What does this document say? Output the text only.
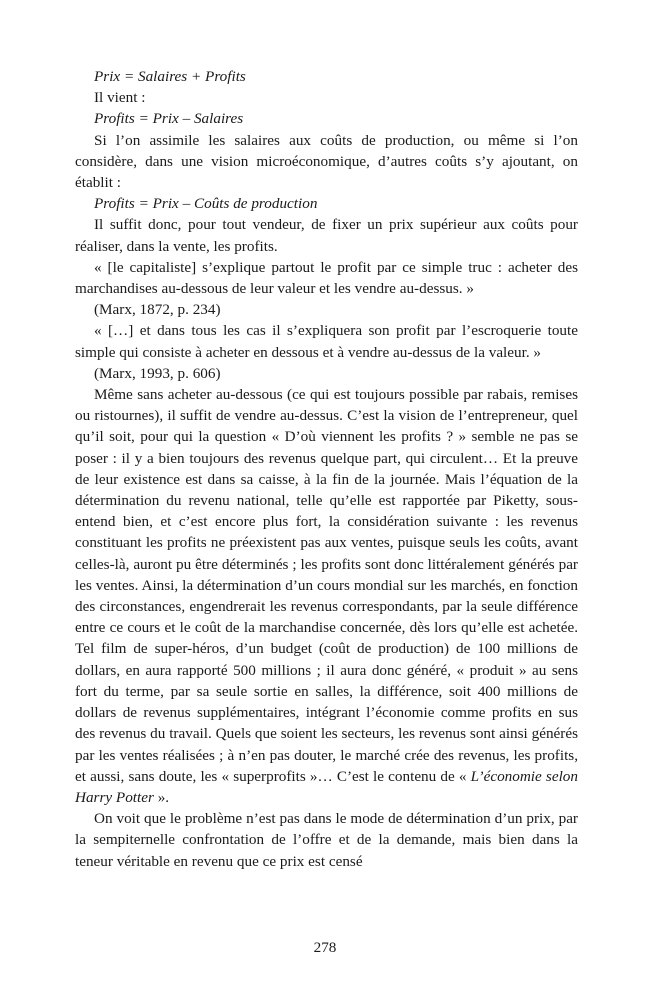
Prix = Salaires + Profits

Il vient :

Profits = Prix – Salaires

Si l’on assimile les salaires aux coûts de production, ou même si l’on considère, dans une vision microéconomique, d’autres coûts s’y ajoutant, on établit :

Profits = Prix – Coûts de production

Il suffit donc, pour tout vendeur, de fixer un prix supérieur aux coûts pour réaliser, dans la vente, les profits.

« [le capitaliste] s’explique partout le profit par ce simple truc : acheter des marchandises au-dessous de leur valeur et les vendre au-dessus. »

(Marx, 1872, p. 234)

« […] et dans tous les cas il s’expliquera son profit par l’escroquerie toute simple qui consiste à acheter en dessous et à vendre au-dessus de la valeur. »

(Marx, 1993, p. 606)

Même sans acheter au-dessous (ce qui est toujours possible par rabais, remises ou ristournes), il suffit de vendre au-dessus. C’est la vision de l’entrepreneur, quel qu’il soit, pour qui la question « D’où viennent les profits ? » semble ne pas se poser : il y a bien toujours des revenus quelque part, qui circulent… Et la preuve de leur existence est dans sa caisse, à la fin de la journée. Mais l’équation de la détermination du revenu national, telle qu’elle est rapportée par Piketty, sous-entend bien, et c’est encore plus fort, la considération suivante : les revenus constituant les profits ne préexistent pas aux ventes, puisque seuls les coûts, avant celles-là, auront pu être déterminés ; les profits sont donc littéralement générés par les ventes. Ainsi, la détermination d’un cours mondial sur les marchés, en fonction des circonstances, engendrerait les revenus correspondants, par la seule différence entre ce cours et le coût de la marchandise concernée, dès lors qu’elle est achetée. Tel film de super-héros, d’un budget (coût de production) de 100 millions de dollars, en aura rapporté 500 millions ; il aura donc généré, « produit » au sens fort du terme, par sa seule sortie en salles, la différence, soit 400 millions de dollars de revenus supplémentaires, intégrant l’économie comme profits en sus des revenus du travail. Quels que soient les secteurs, les revenus sont ainsi générés par les ventes réalisées ; à n’en pas douter, le marché crée des revenus, les profits, et aussi, sans doute, les « superprofits »… C’est le contenu de « L’économie selon Harry Potter ».

On voit que le problème n’est pas dans le mode de détermination d’un prix, par la sempiternelle confrontation de l’offre et de la demande, mais bien dans la teneur véritable en revenu que ce prix est censé

278
